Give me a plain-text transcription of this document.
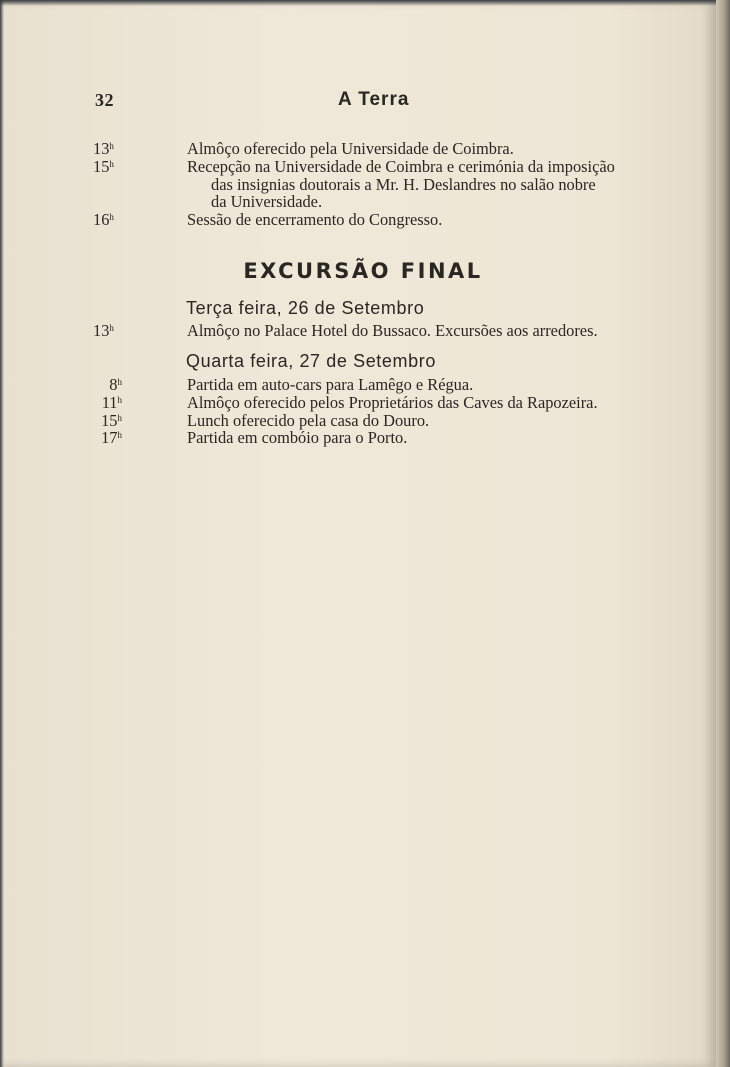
32	A Terra
13$^h$	Almôço oferecido pela Universidade de Coimbra.
15$^h$	Recepção na Universidade de Coimbra e cerimónia da imposição
das insignias doutorais a Mr. H. Deslandres no salão nobre
da Universidade.
16$^h$	Sessão de encerramento do Congresso.
EXCURSÃO FINAL
Terça feira, 26 de Setembro
13$^h$	Almôço no Palace Hotel do Bussaco. Excursões aos arredores.
Quarta feira, 27 de Setembro
8$^h$	Partida em auto-cars para Lamêgo e Régua.
11$^h$	Almôço oferecido pelos Proprietários das Caves da Rapozeira.
15$^h$	Lunch oferecido pela casa do Douro.
17$^h$	Partida em combóio para o Porto.
